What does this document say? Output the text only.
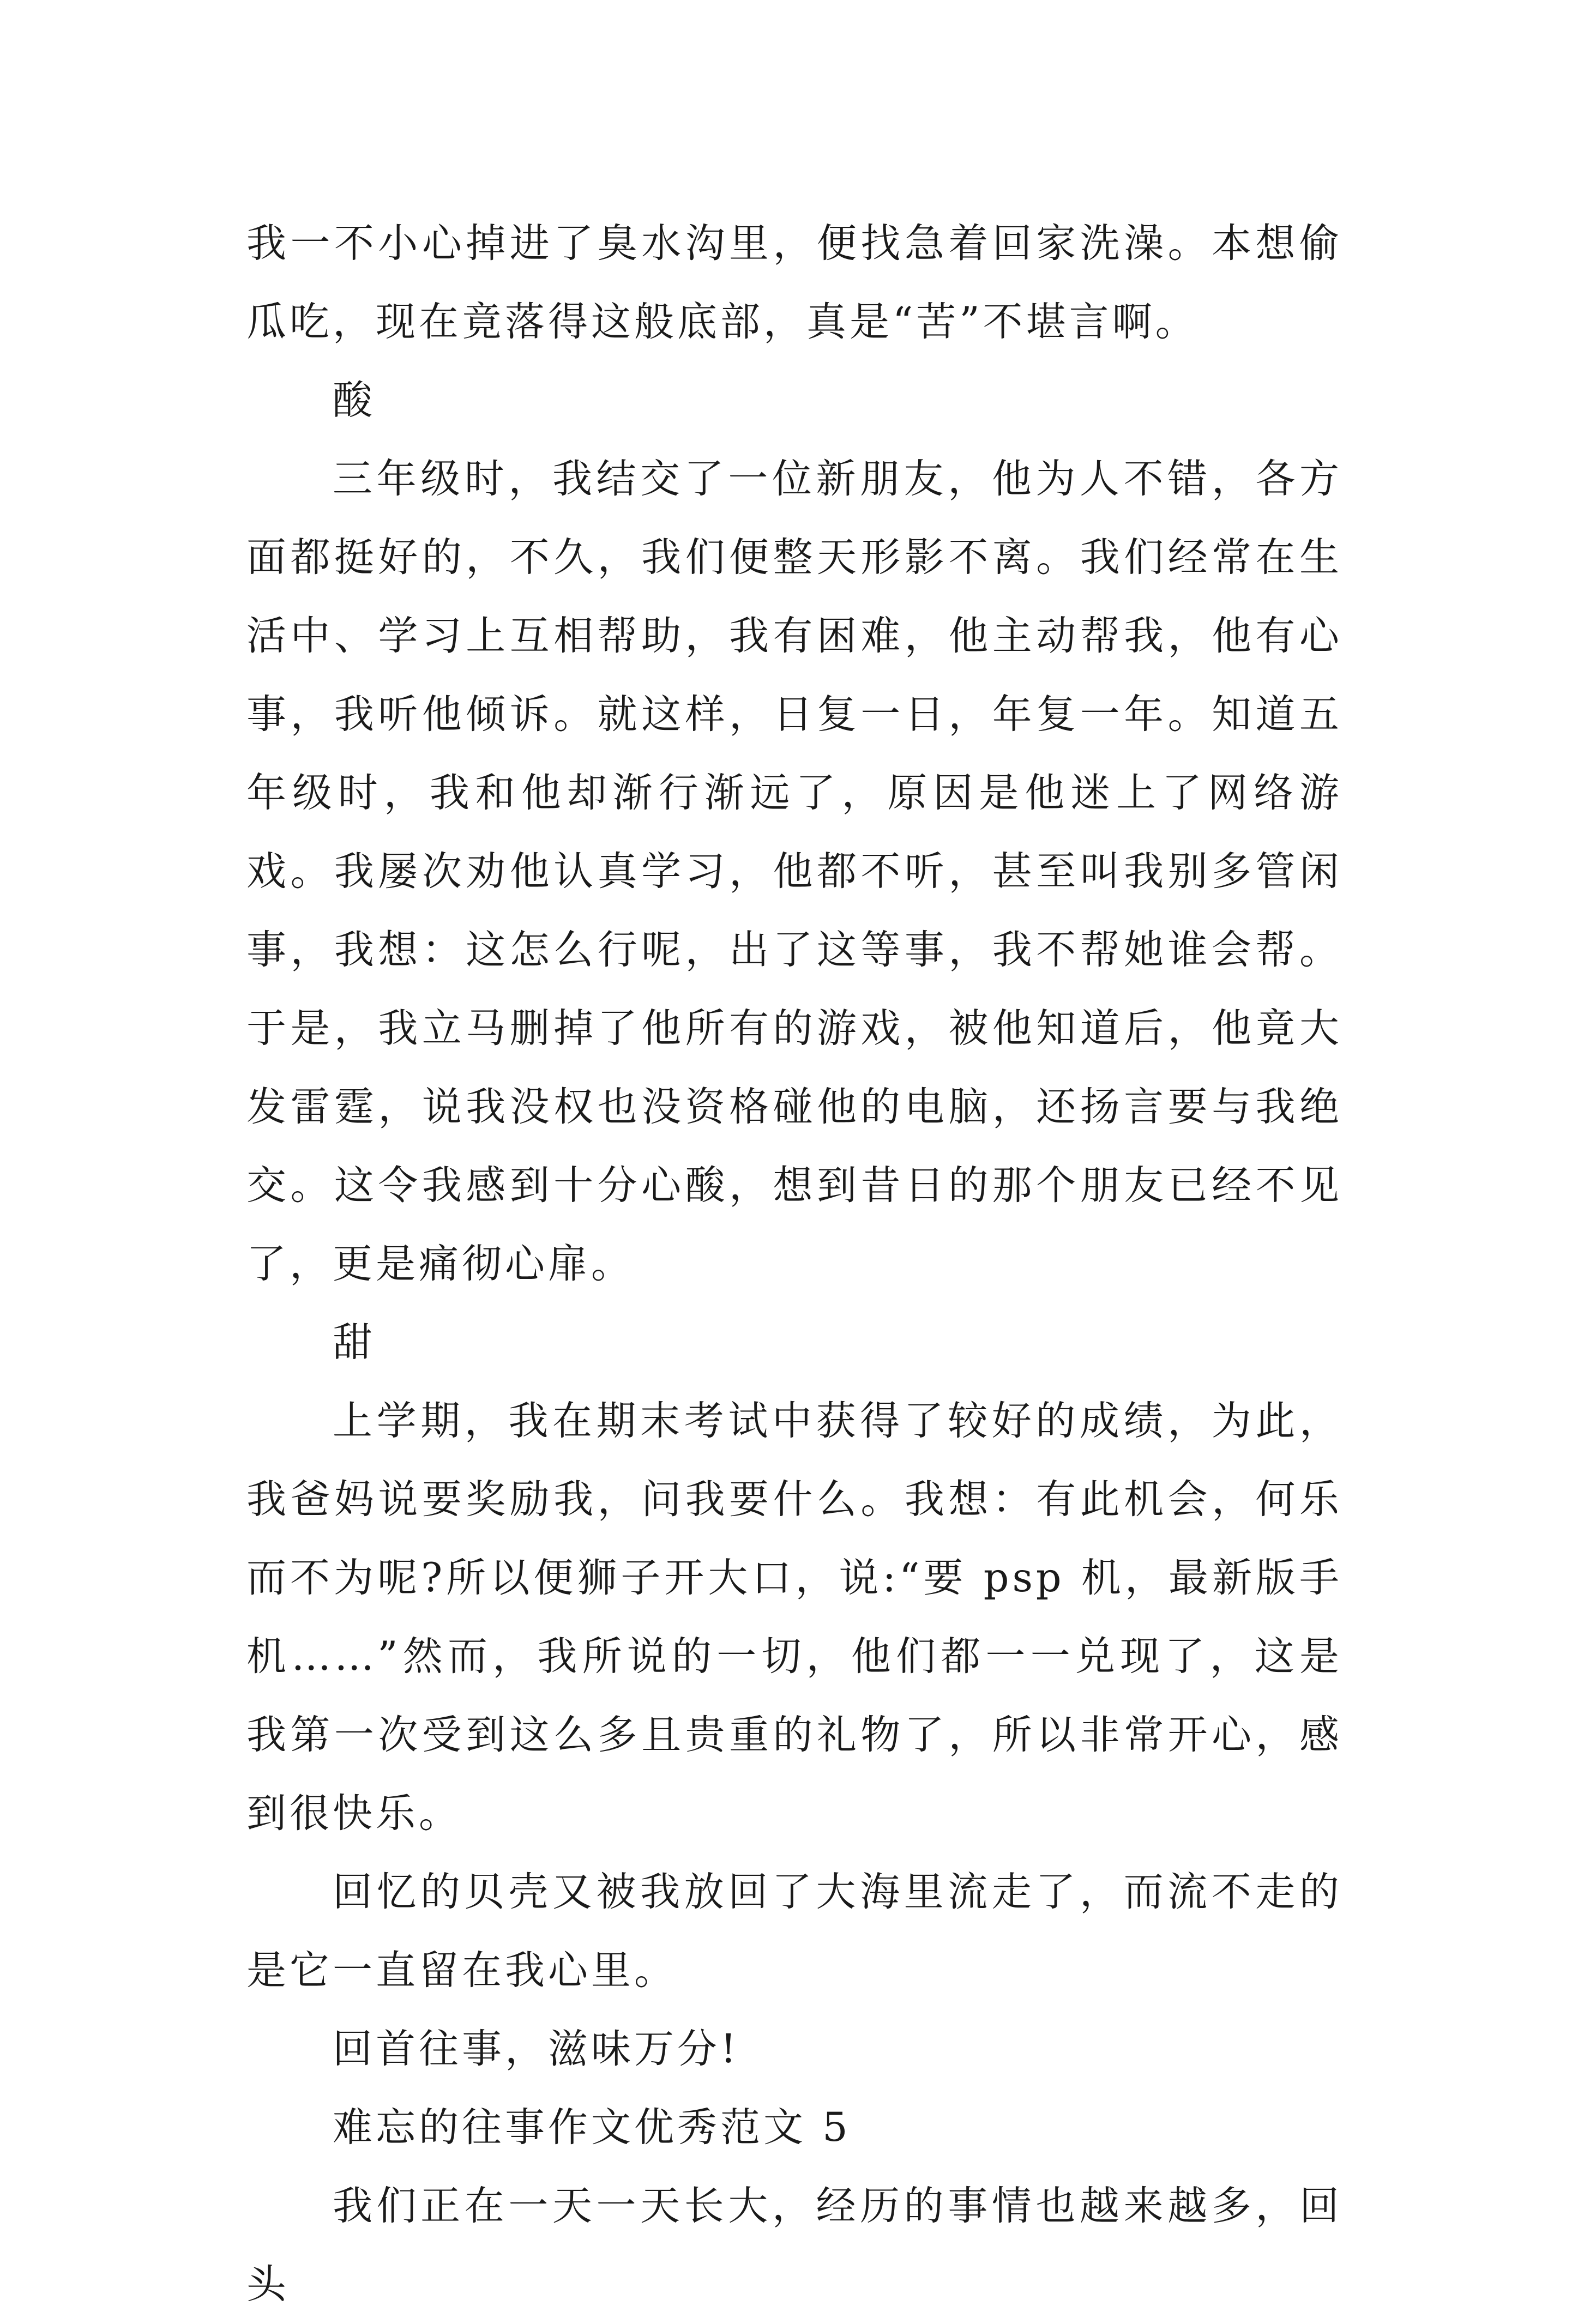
我一不小心掉进了臭水沟里，便找急着回家洗澡。本想偷瓜吃，现在竟落得这般底部，真是“苦”不堪言啊。

酸

三年级时，我结交了一位新朋友，他为人不错，各方面都挺好的，不久，我们便整天形影不离。我们经常在生活中、学习上互相帮助，我有困难，他主动帮我，他有心事，我听他倾诉。就这样，日复一日，年复一年。知道五年级时，我和他却渐行渐远了，原因是他迷上了网络游戏。我屡次劝他认真学习，他都不听，甚至叫我别多管闲事，我想：这怎么行呢，出了这等事，我不帮她谁会帮。于是，我立马删掉了他所有的游戏，被他知道后，他竟大发雷霆，说我没权也没资格碰他的电脑，还扬言要与我绝交。这令我感到十分心酸，想到昔日的那个朋友已经不见了，更是痛彻心扉。

甜

上学期，我在期末考试中获得了较好的成绩，为此，我爸妈说要奖励我，问我要什么。我想：有此机会，何乐而不为呢?所以便狮子开大口，说:“要 psp 机，最新版手机……”然而，我所说的一切，他们都一一兑现了，这是我第一次受到这么多且贵重的礼物了，所以非常开心，感到很快乐。

回忆的贝壳又被我放回了大海里流走了，而流不走的是它一直留在我心里。

回首往事，滋味万分!

难忘的往事作文优秀范文 5

我们正在一天一天长大，经历的事情也越来越多，回头
